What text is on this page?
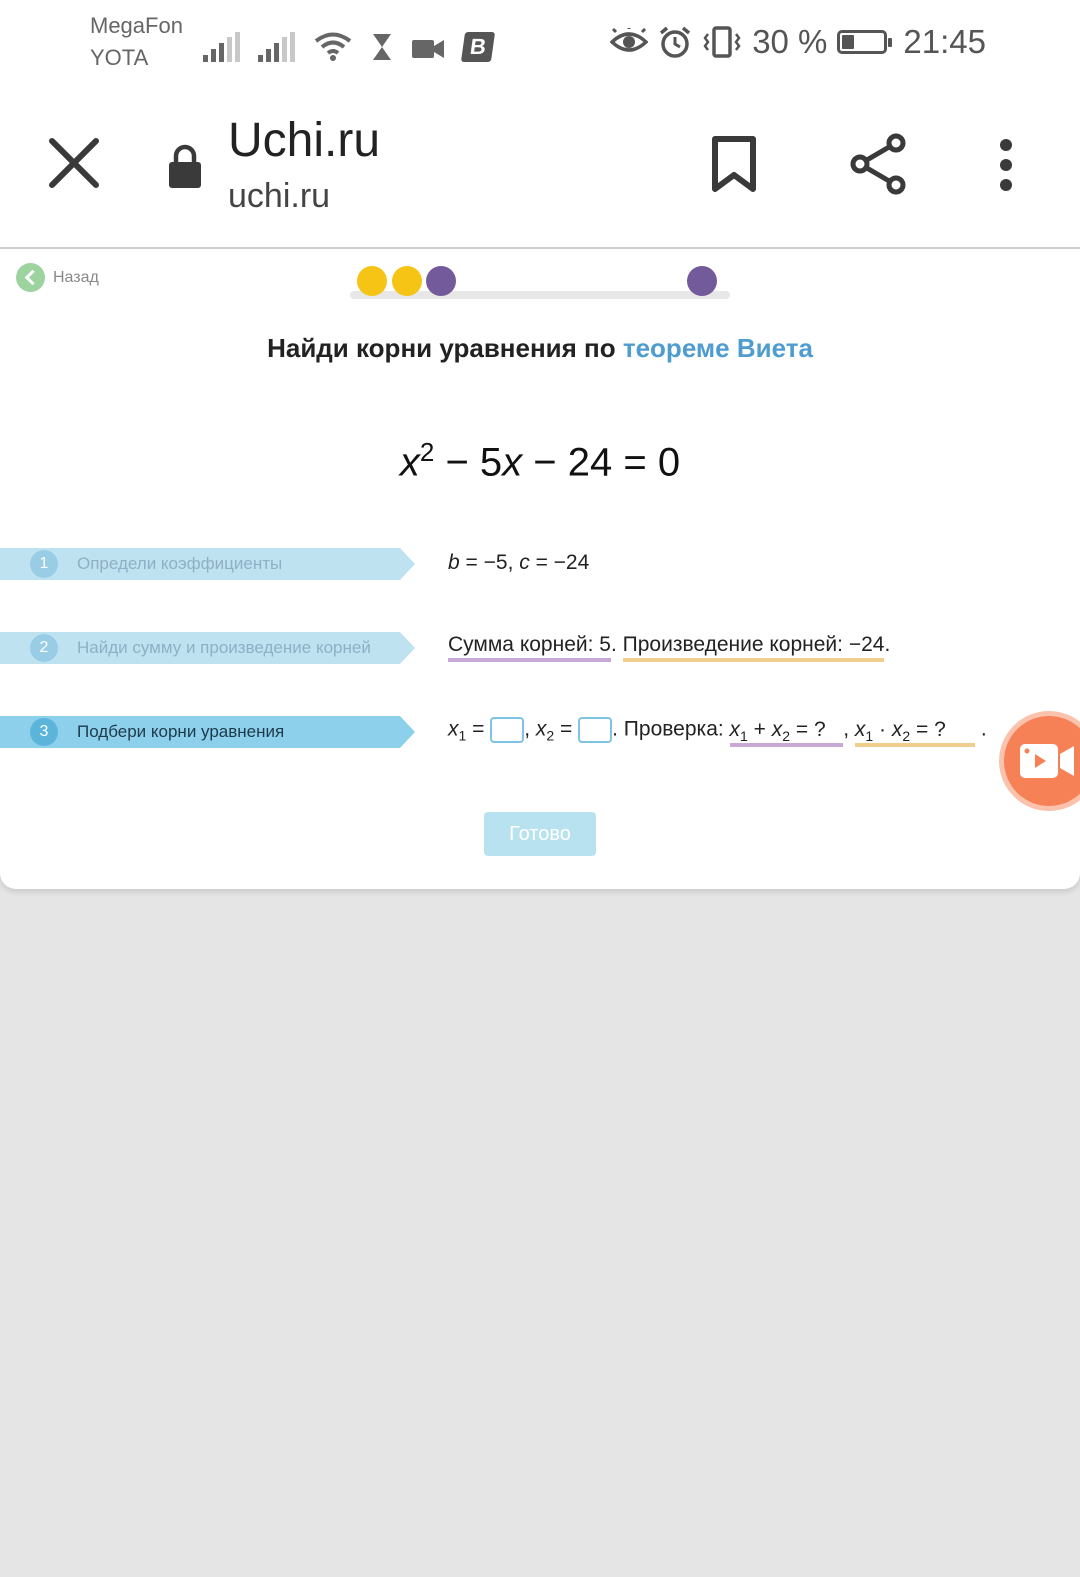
MegaFon
YOTA	B	30 % 21:45
Uchi.ru
uchi.ru
Назад
Найди корни уравнения по теореме Виета
$x^2 - 5x - 24 = 0$
1	Определи коэффициенты	b = −5, c = −24
2	Найди сумму и произведение корней	Сумма корней: 5. Произведение корней: −24.
3	Подбери корни уравнения	$x_1$ = , $x_2$ = . Проверка: $x_1 + x_2$ = ? , $x_1 \cdot x_2$ = ? .
Готово
